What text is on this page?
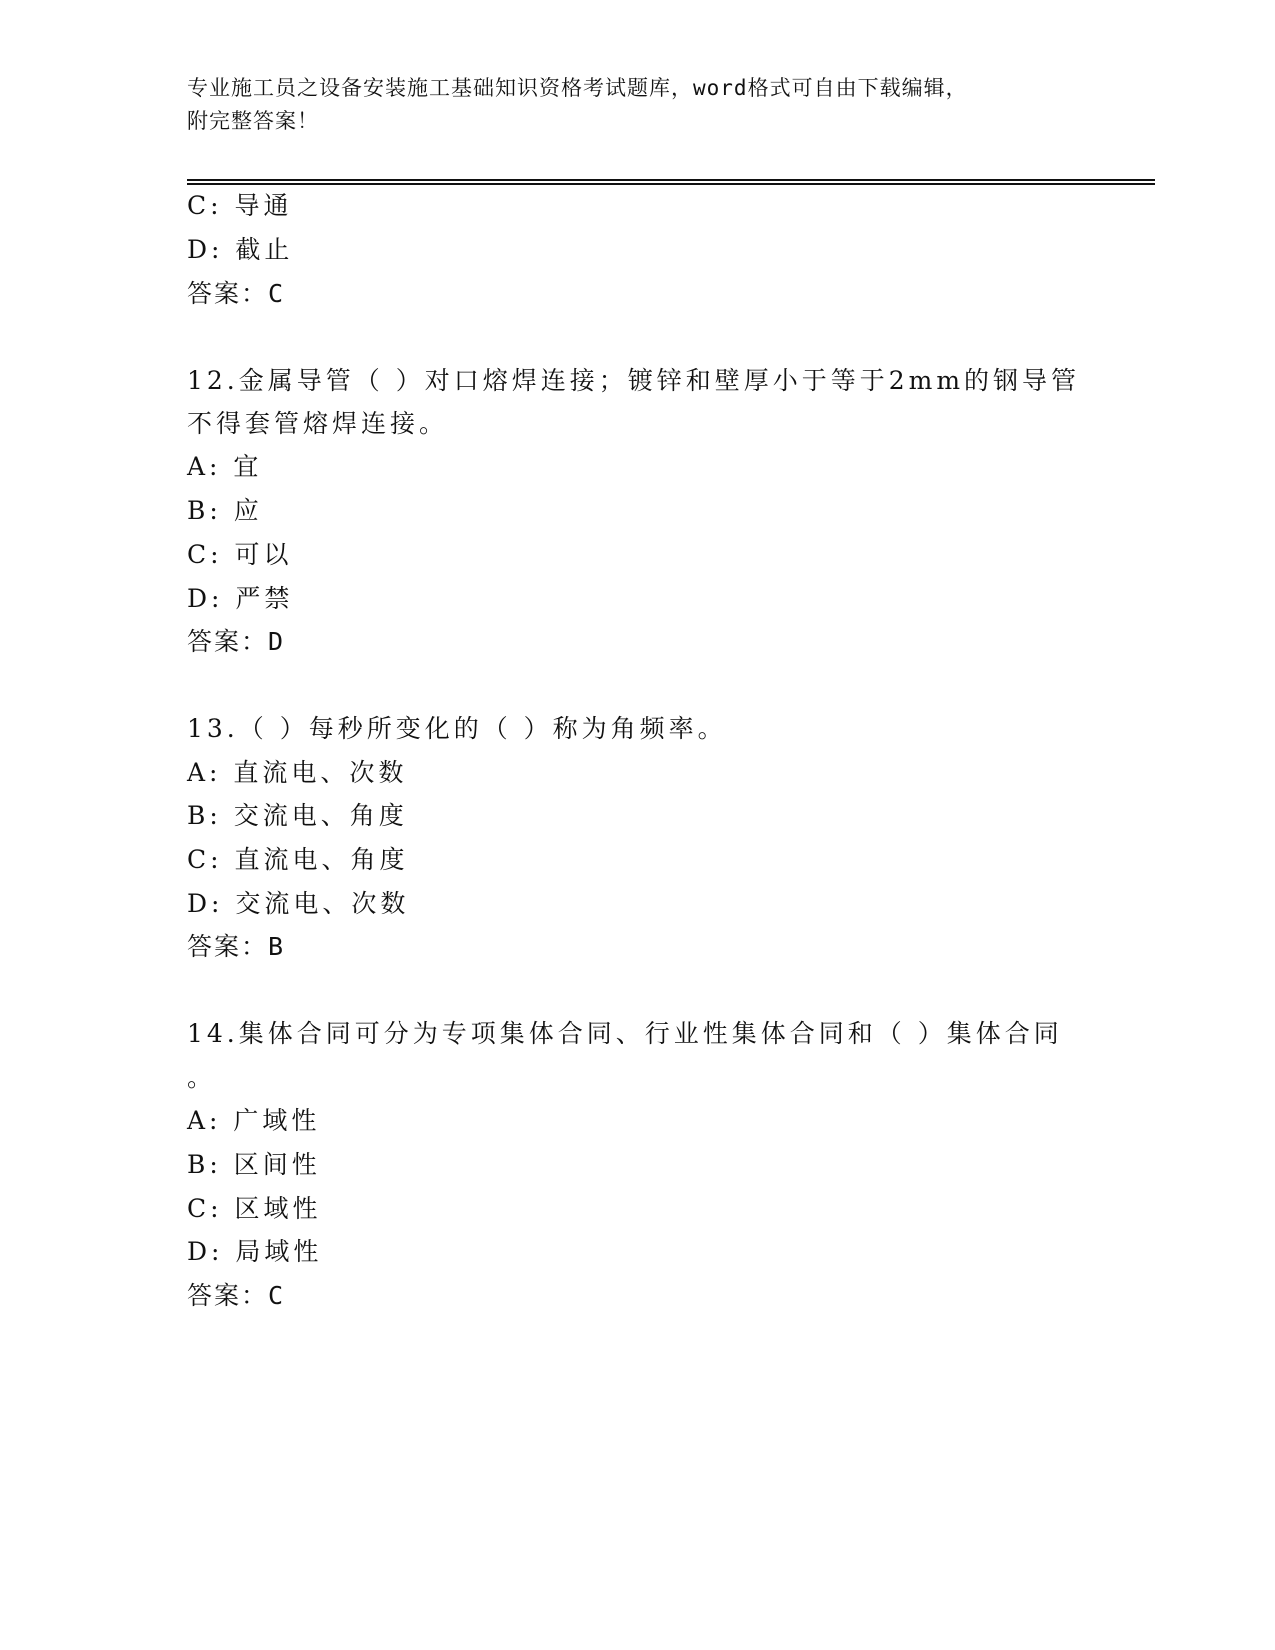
专业施工员之设备安装施工基础知识资格考试题库，word格式可自由下载编辑，
附完整答案！
C: 导通
D: 截止
答案：C
12.金属导管（ ）对口熔焊连接；镀锌和壁厚小于等于2mm的钢导管
不得套管熔焊连接。
A: 宜
B: 应
C: 可以
D: 严禁
答案：D
13.（ ）每秒所变化的（ ）称为角频率。
A: 直流电、次数
B: 交流电、角度
C: 直流电、角度
D: 交流电、次数
答案：B
14.集体合同可分为专项集体合同、行业性集体合同和（ ）集体合同
。
A: 广域性
B: 区间性
C: 区域性
D: 局域性
答案：C
